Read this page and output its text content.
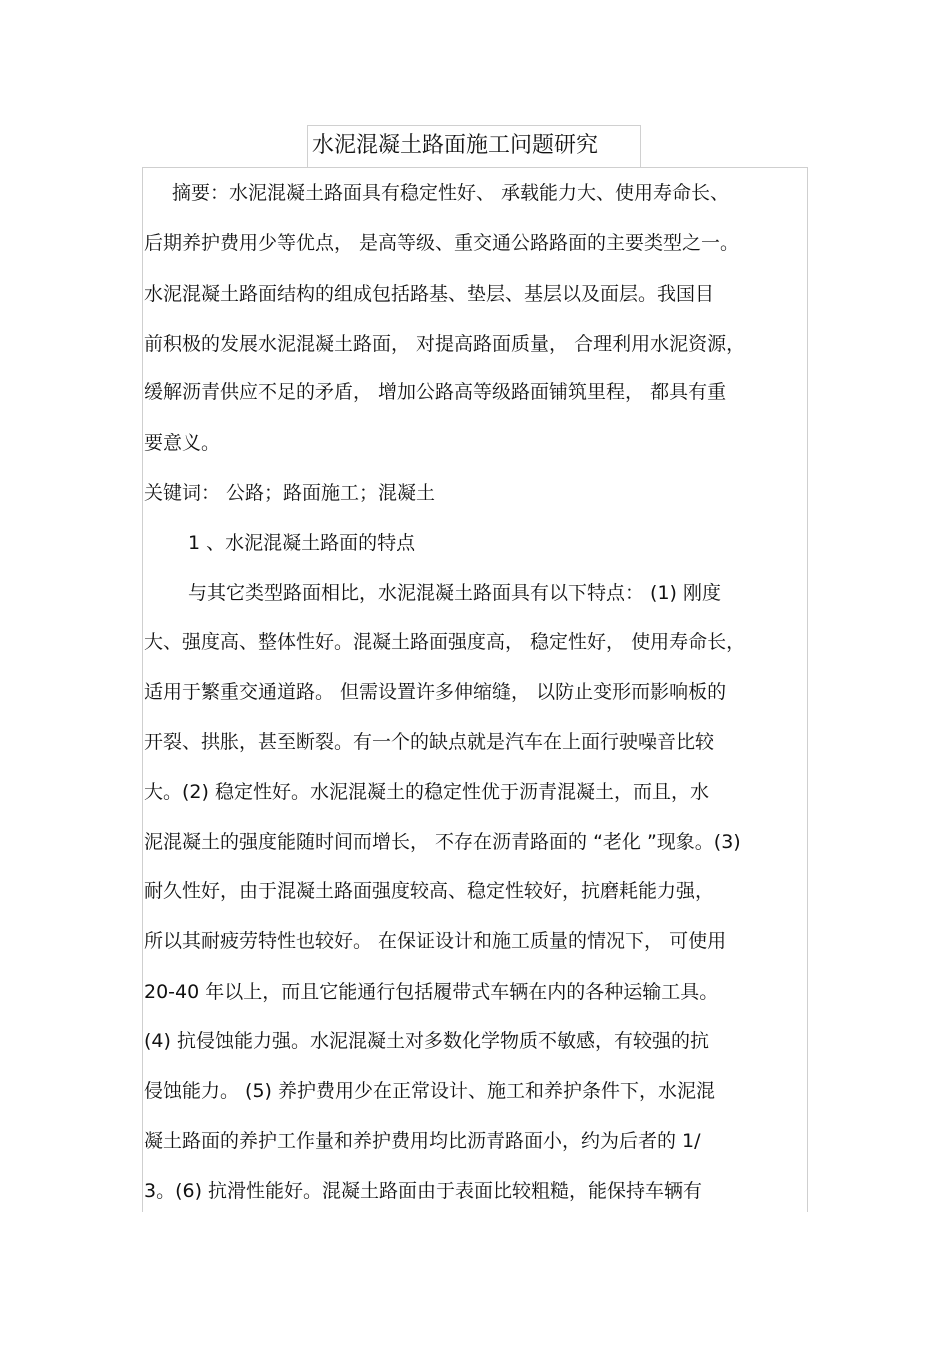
水泥混凝土路面施工问题研究
摘要：水泥混凝土路面具有稳定性好、 承载能力大、使用寿命长、
后期养护费用少等优点， 是高等级、重交通公路路面的主要类型之一。
水泥混凝土路面结构的组成包括路基、垫层、基层以及面层。我国目
前积极的发展水泥混凝土路面， 对提高路面质量， 合理利用水泥资源，
缓解沥青供应不足的矛盾， 增加公路高等级路面铺筑里程， 都具有重
要意义。
关键词： 公路；路面施工；混凝土
1 、水泥混凝土路面的特点
与其它类型路面相比，水泥混凝土路面具有以下特点： (1) 刚度
大、强度高、整体性好。混凝土路面强度高， 稳定性好， 使用寿命长，
适用于繁重交通道路。 但需设置许多伸缩缝， 以防止变形而影响板的
开裂、拱胀，甚至断裂。有一个的缺点就是汽车在上面行驶噪音比较
大。(2) 稳定性好。水泥混凝土的稳定性优于沥青混凝土，而且，水
泥混凝土的强度能随时间而增长， 不存在沥青路面的 “老化 ”现象。(3)
耐久性好，由于混凝土路面强度较高、稳定性较好，抗磨耗能力强，
所以其耐疲劳特性也较好。 在保证设计和施工质量的情况下， 可使用
20-40 年以上，而且它能通行包括履带式车辆在内的各种运输工具。
(4) 抗侵蚀能力强。水泥混凝土对多数化学物质不敏感，有较强的抗
侵蚀能力。 (5) 养护费用少在正常设计、施工和养护条件下，水泥混
凝土路面的养护工作量和养护费用均比沥青路面小，约为后者的 1/
3。(6) 抗滑性能好。混凝土路面由于表面比较粗糙，能保持车辆有
